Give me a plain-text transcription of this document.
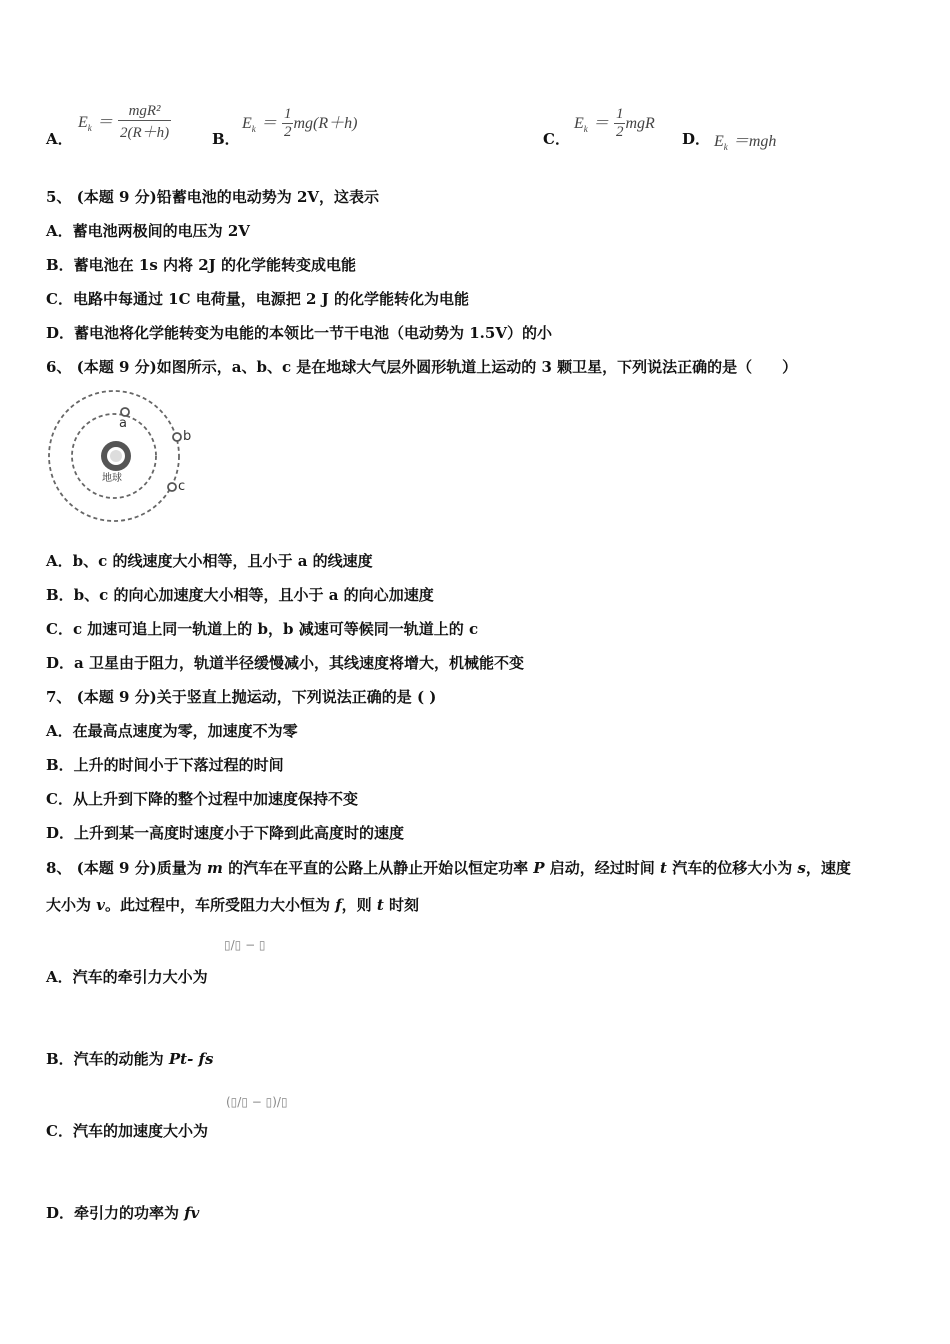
A．
$E_k = \frac{\text{mgR²}}{2(R+h)}$	B．
$E_k = \frac{1}{2} mg(R+h)$
C．
$E_k = \frac{1}{2}$ mgR
D． $E_k =mgh$
5、 (本题 9 分)铅蓄电池的电动势为 2V，这表示
A．蓄电池两极间的电压为 2V
B．蓄电池在 1s 内将 2J 的化学能转变成电能
C．电路中每通过 1C 电荷量，电源把 2 J 的化学能转化为电能
D．蓄电池将化学能转变为电能的本领比一节干电池（电动势为 1.5V）的小
6、 (本题 9 分)如图所示，a、b、c 是在地球大气层外圆形轨道上运动的 3 颗卫星，下列说法正确的是（　　）
地球
a
b
c
A．b、c 的线速度大小相等，且小于 a 的线速度
B．b、c 的向心加速度大小相等，且小于 a 的向心加速度
C．c 加速可追上同一轨道上的 b，b 减速可等候同一轨道上的 c
D．a 卫星由于阻力，轨道半径缓慢减小，其线速度将增大，机械能不变
7、 (本题 9 分)关于竖直上抛运动，下列说法正确的是 ( )
A．在最高点速度为零，加速度不为零
B．上升的时间小于下落过程的时间
C．从上升到下降的整个过程中加速度保持不变
D．上升到某一高度时速度小于下降到此高度时的速度
8、 (本题 9 分)质量为 m 的汽车在平直的公路上从静止开始以恒定功率 P 启动，经过时间 t 汽车的位移大小为 s，速度
大小为 v。此过程中，车所受阻力大小恒为 f，则 t 时刻
▯/▯ − ▯
A．汽车的牵引力大小为
B．汽车的动能为 Pt- fs
(▯/▯ − ▯)/▯
C．汽车的加速度大小为
D．牵引力的功率为 fv
